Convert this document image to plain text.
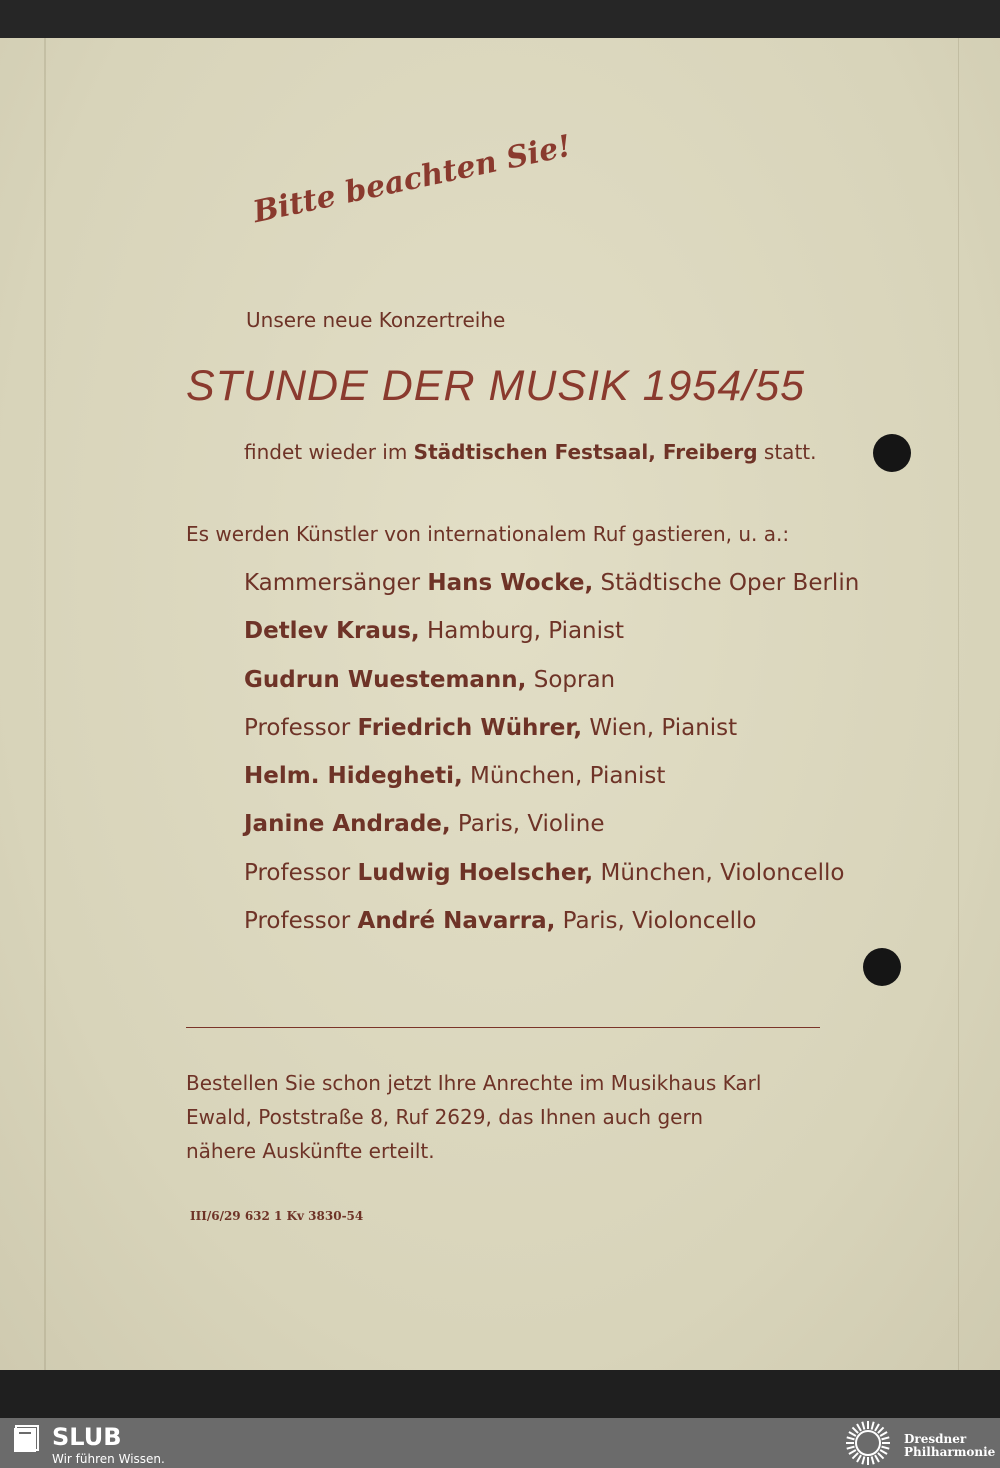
Bitte beachten Sie!
Unsere neue Konzertreihe
STUNDE DER MUSIK 1954/55
findet wieder im Städtischen Festsaal, Freiberg statt.
Es werden Künstler von internationalem Ruf gastieren, u. a.:
Kammersänger Hans Wocke, Städtische Oper Berlin
Detlev Kraus, Hamburg, Pianist
Gudrun Wuestemann, Sopran
Professor Friedrich Wührer, Wien, Pianist
Helm. Hidegheti, München, Pianist
Janine Andrade, Paris, Violine
Professor Ludwig Hoelscher, München, Violoncello
Professor André Navarra, Paris, Violoncello
Bestellen Sie schon jetzt Ihre Anrechte im Musikhaus Karl
Ewald, Poststraße 8, Ruf 2629, das Ihnen auch gern
nähere Auskünfte erteilt.
III/6/29 632 1 Kv 3830-54
SLUB
Wir führen Wissen.
Dresdner
Philharmonie
